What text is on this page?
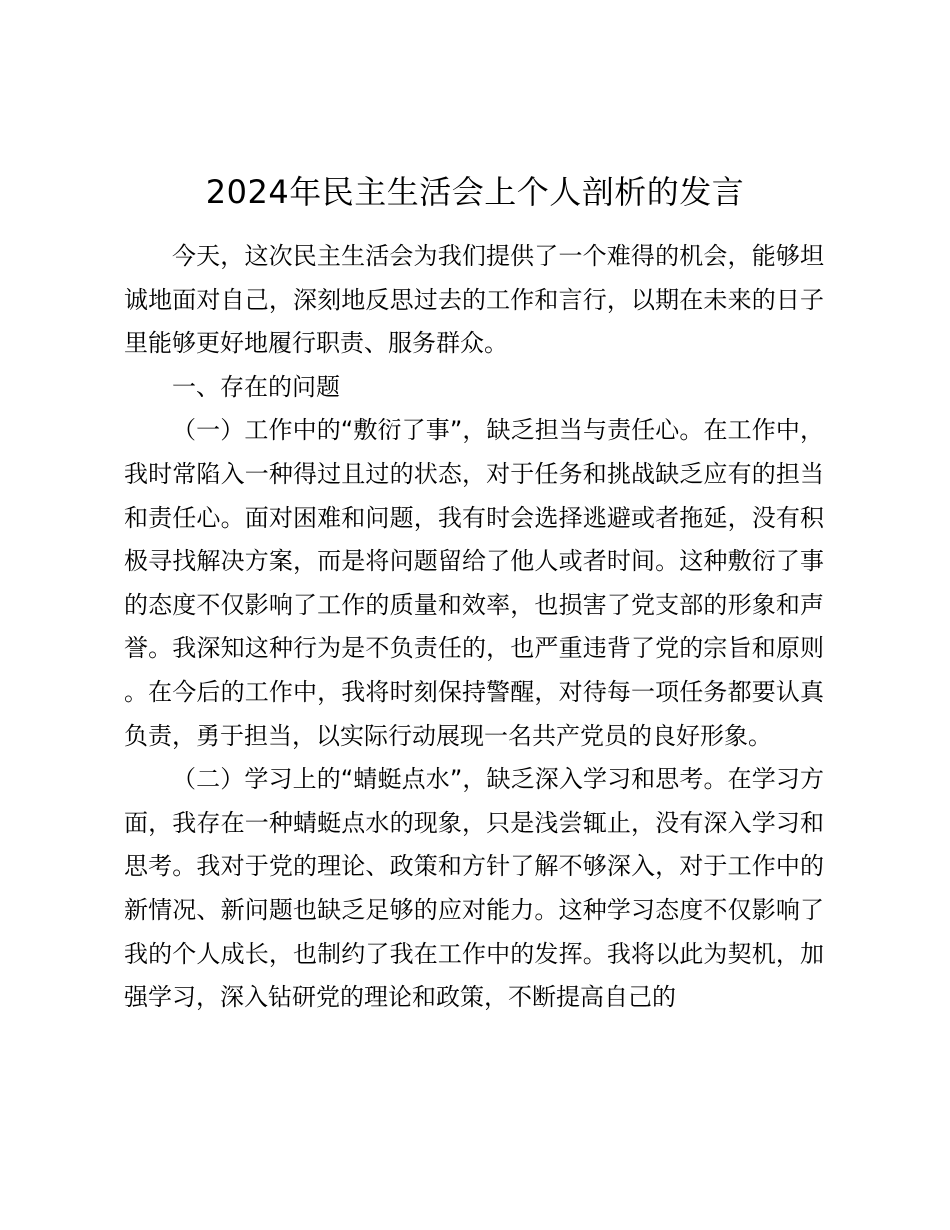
2024年民主生活会上个人剖析的发言

今天，这次民主生活会为我们提供了一个难得的机会，能够坦诚地面对自己，深刻地反思过去的工作和言行，以期在未来的日子里能够更好地履行职责、服务群众。

一、存在的问题

（一）工作中的“敷衍了事”，缺乏担当与责任心。在工作中，我时常陷入一种得过且过的状态，对于任务和挑战缺乏应有的担当和责任心。面对困难和问题，我有时会选择逃避或者拖延，没有积极寻找解决方案，而是将问题留给了他人或者时间。这种敷衍了事的态度不仅影响了工作的质量和效率，也损害了党支部的形象和声誉。我深知这种行为是不负责任的，也严重违背了党的宗旨和原则。在今后的工作中，我将时刻保持警醒，对待每一项任务都要认真负责，勇于担当，以实际行动展现一名共产党员的良好形象。

（二）学习上的“蜻蜓点水”，缺乏深入学习和思考。在学习方面，我存在一种蜻蜓点水的现象，只是浅尝辄止，没有深入学习和思考。我对于党的理论、政策和方针了解不够深入，对于工作中的新情况、新问题也缺乏足够的应对能力。这种学习态度不仅影响了我的个人成长，也制约了我在工作中的发挥。我将以此为契机，加强学习，深入钻研党的理论和政策，不断提高自己的
